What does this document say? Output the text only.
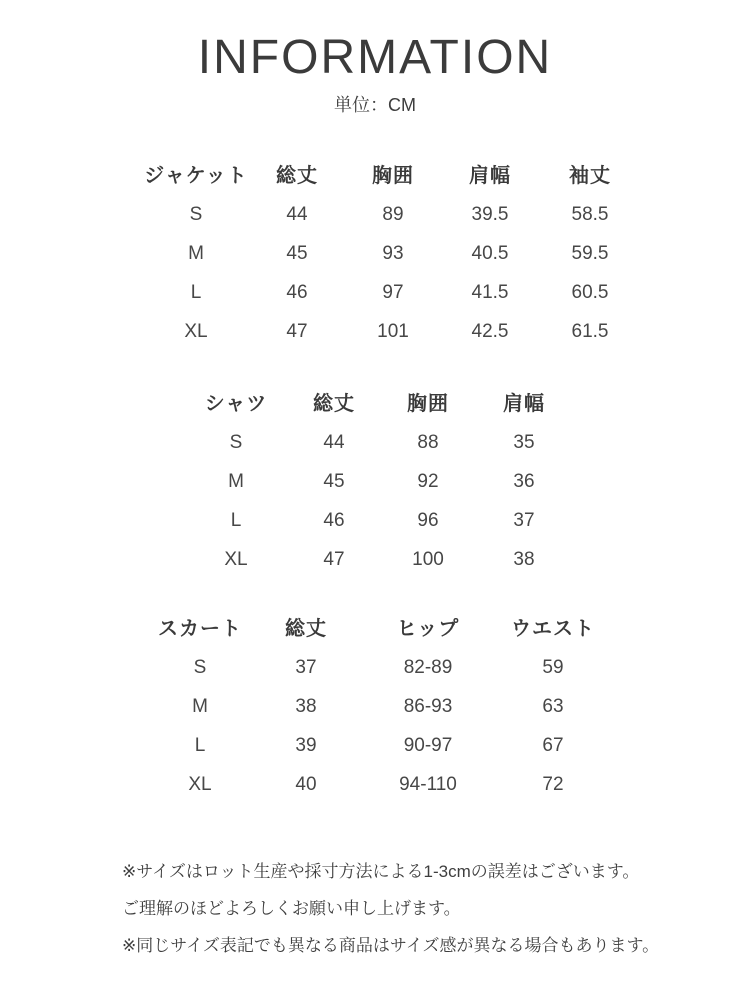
INFORMATION
単位：CM
ジャケット	総丈	胸囲	肩幅	袖丈
S	44	89	39.5	58.5
M	45	93	40.5	59.5
L	46	97	41.5	60.5
XL	47	101	42.5	61.5
シャツ	総丈	胸囲	肩幅
S	44	88	35
M	45	92	36
L	46	96	37
XL	47	100	38
スカート	総丈	ヒップ	ウエスト
S	37	82-89	59
M	38	86-93	63
L	39	90-97	67
XL	40	94-110	72
※サイズはロット生産や採寸方法による1-3cmの誤差はございます。
ご理解のほどよろしくお願い申し上げます。
※同じサイズ表記でも異なる商品はサイズ感が異なる場合もあります。
